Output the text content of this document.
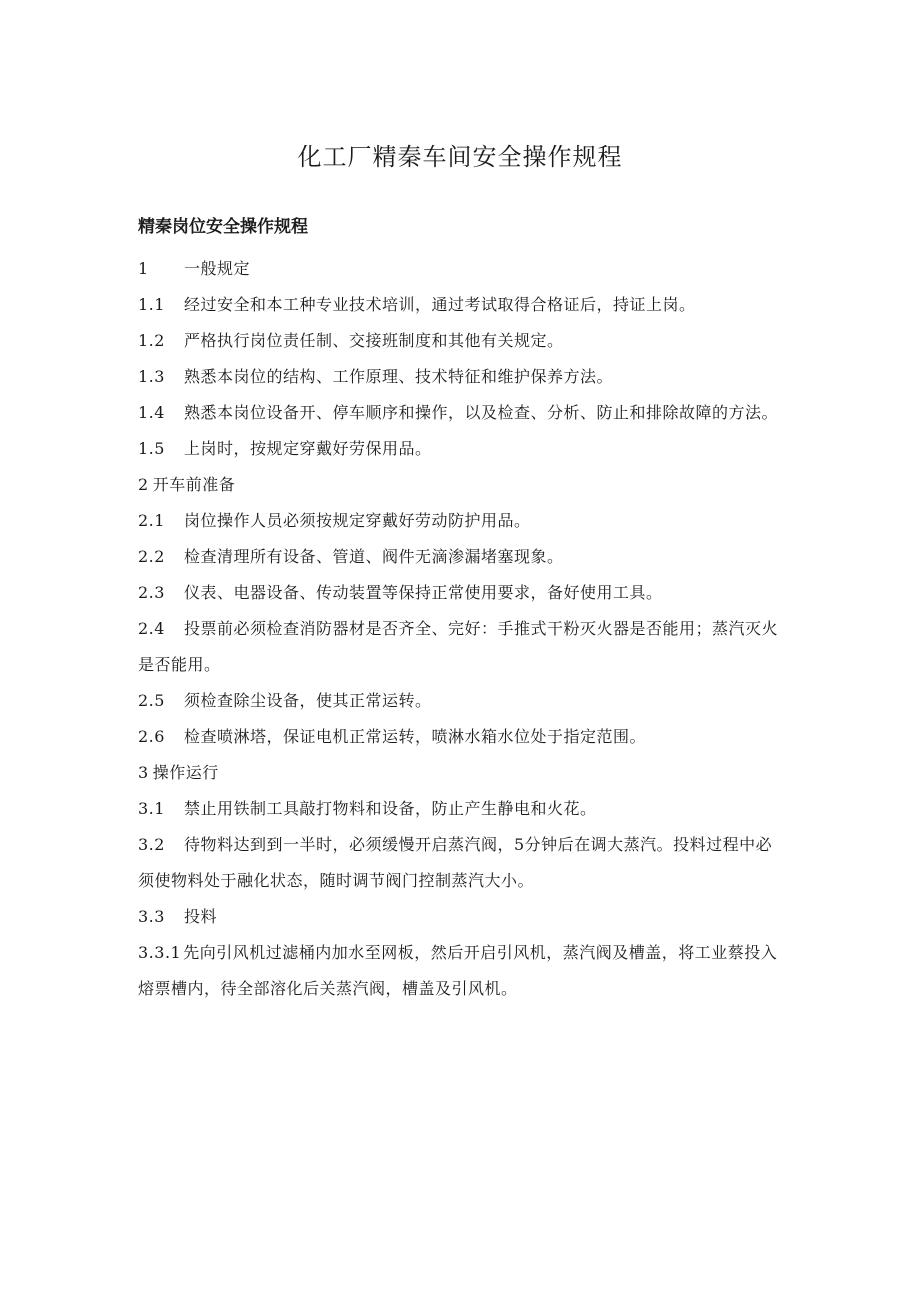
化工厂精秦车间安全操作规程
精秦岗位安全操作规程

1 一般规定

1.1 经过安全和本工种专业技术培训，通过考试取得合格证后，持证上岗。

1.2 严格执行岗位责任制、交接班制度和其他有关规定。

1.3 熟悉本岗位的结构、工作原理、技术特征和维护保养方法。

1.4 熟悉本岗位设备开、停车顺序和操作，以及检查、分析、防止和排除故障的方法。

1.5 上岗时，按规定穿戴好劳保用品。

2 开车前准备

2.1 岗位操作人员必须按规定穿戴好劳动防护用品。

2.2 检查清理所有设备、管道、阀件无滴渗漏堵塞现象。

2.3 仪表、电器设备、传动装置等保持正常使用要求，备好使用工具。

2.4 投票前必须检查消防器材是否齐全、完好：手推式干粉灭火器是否能用；蒸汽灭火是否能用。

2.5 须检查除尘设备，使其正常运转。

2.6 检查喷淋塔，保证电机正常运转，喷淋水箱水位处于指定范围。

3 操作运行

3.1 禁止用铁制工具敲打物料和设备，防止产生静电和火花。

3.2 待物料达到到一半时，必须缓慢开启蒸汽阀，5分钟后在调大蒸汽。投料过程中必须使物料处于融化状态，随时调节阀门控制蒸汽大小。

3.3 投料

3.3.1 先向引风机过滤桶内加水至网板，然后开启引风机，蒸汽阀及槽盖，将工业蔡投入熔票槽内，待全部溶化后关蒸汽阀，槽盖及引风机。
